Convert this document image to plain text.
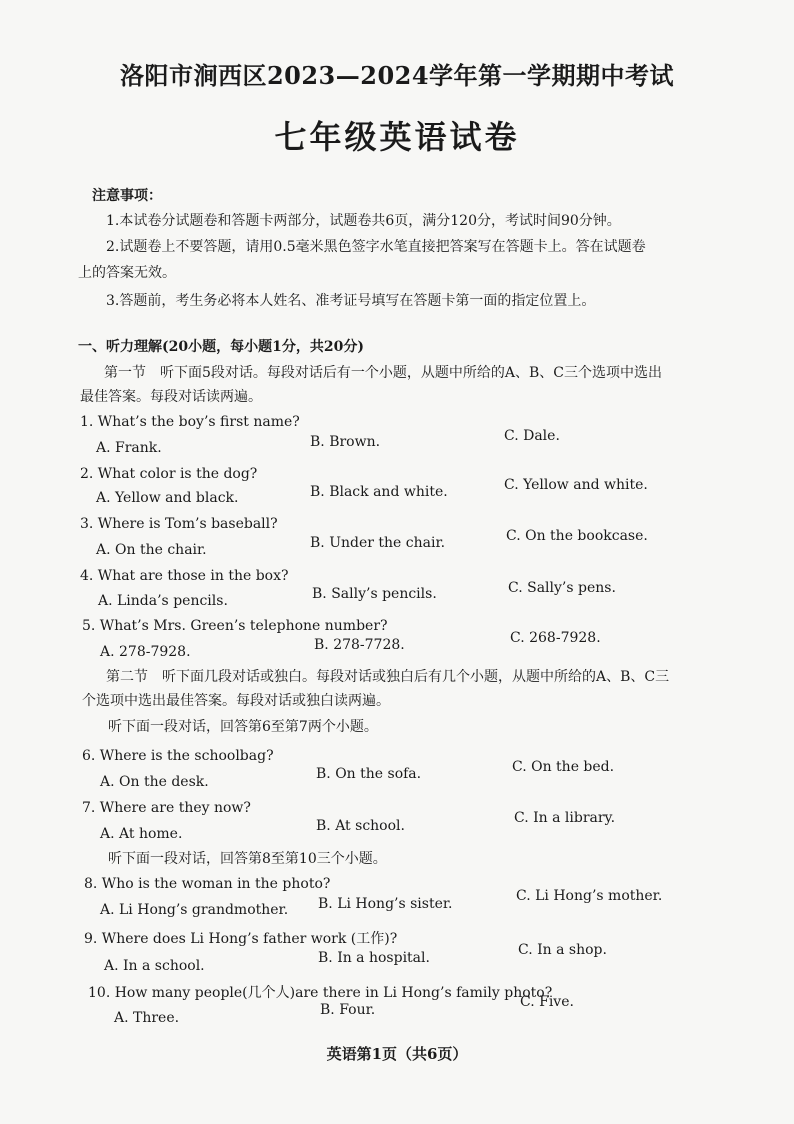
洛阳市涧西区2023—2024学年第一学期期中考试
七年级英语试卷
注意事项：
1.本试卷分试题卷和答题卡两部分，试题卷共6页，满分120分，考试时间90分钟。
2.试题卷上不要答题，请用0.5毫米黑色签字水笔直接把答案写在答题卡上。答在试题卷
上的答案无效。
3.答题前，考生务必将本人姓名、准考证号填写在答题卡第一面的指定位置上。
一、听力理解(20小题，每小题1分，共20分)
第一节　听下面5段对话。每段对话后有一个小题，从题中所给的A、B、C三个选项中选出
最佳答案。每段对话读两遍。
1. What’s the boy’s first name?
A. Frank.	B. Brown.	C. Dale.
2. What color is the dog?
A. Yellow and black.	B. Black and white.	C. Yellow and white.
3. Where is Tom’s baseball?
A. On the chair.	B. Under the chair.	C. On the bookcase.
4. What are those in the box?
A. Linda’s pencils.	B. Sally’s pencils.	C. Sally’s pens.
5. What’s Mrs. Green’s telephone number?
A. 278-7928.	B. 278-7728.	C. 268-7928.
第二节　听下面几段对话或独白。每段对话或独白后有几个小题，从题中所给的A、B、C三
个选项中选出最佳答案。每段对话或独白读两遍。
听下面一段对话，回答第6至第7两个小题。
6. Where is the schoolbag?
A. On the desk.	B. On the sofa.	C. On the bed.
7. Where are they now?
A. At home.	B. At school.	C. In a library.
听下面一段对话，回答第8至第10三个小题。
8. Who is the woman in the photo?
A. Li Hong’s grandmother. B. Li Hong’s sister.	C. Li Hong’s mother.
9. Where does Li Hong’s father work (工作)?
A. In a school.	B. In a hospital.	C. In a shop.
10. How many people(几个人)are there in Li Hong’s family photo?
A. Three.	B. Four.	C. Five.
英语第1页（共6页）
